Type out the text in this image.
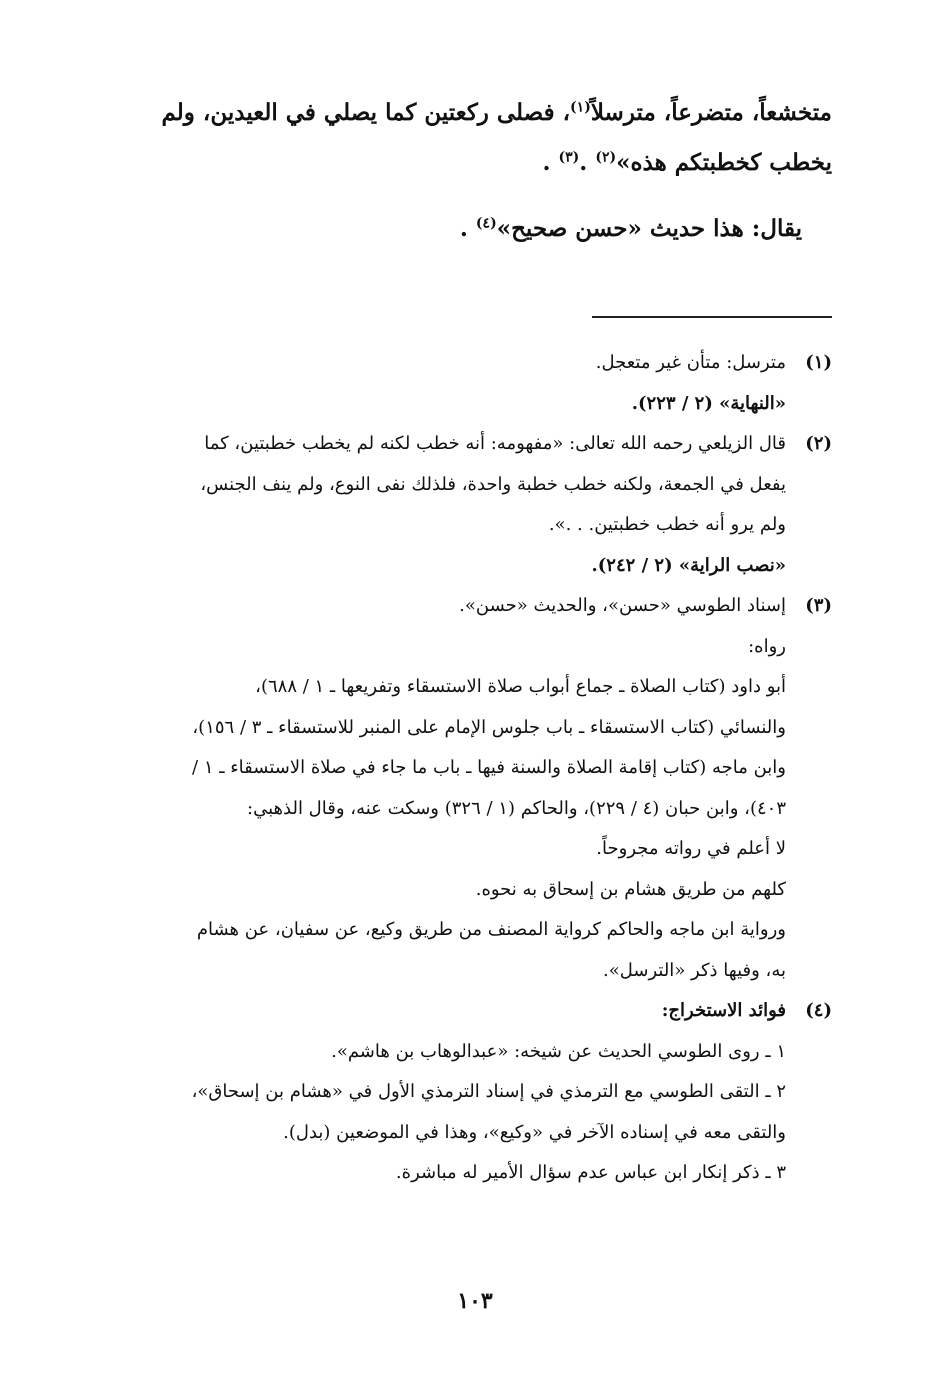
متخشعاً، متضرعاً، مترسلاً$^{(١)}$، فصلى ركعتين كما يصلي في العيدين، ولم

يخطب كخطبتكم هذه»$^{(٢)}$ .$^{(٣)}$ .

يقال: هذا حديث «حسن صحيح»$^{(٤)}$ .
(١)
مترسل: متأن غير متعجل.
«النهاية» (٢ / ٢٢٣).
(٢)
قال الزيلعي رحمه الله تعالى: «مفهومه: أنه خطب لكنه لم يخطب خطبتين، كما
يفعل في الجمعة، ولكنه خطب خطبة واحدة، فلذلك نفى النوع، ولم ينف الجنس،
ولم يرو أنه خطب خطبتين. . .».
«نصب الراية» (٢ / ٢٤٢).
(٣)
إسناد الطوسي «حسن»، والحديث «حسن».
رواه:
أبو داود (كتاب الصلاة ـ جماع أبواب صلاة الاستسقاء وتفريعها ـ ١ / ٦٨٨)،
والنسائي (كتاب الاستسقاء ـ باب جلوس الإمام على المنبر للاستسقاء ـ ٣ / ١٥٦)،
وابن ماجه (كتاب إقامة الصلاة والسنة فيها ـ باب ما جاء في صلاة الاستسقاء ـ ١ /
٤٠٣)، وابن حبان (٤ / ٢٢٩)، والحاكم (١ / ٣٢٦) وسكت عنه، وقال الذهبي:
لا أعلم في رواته مجروحاً.
كلهم من طريق هشام بن إسحاق به نحوه.
ورواية ابن ماجه والحاكم كرواية المصنف من طريق وكيع، عن سفيان، عن هشام
به، وفيها ذكر «الترسل».
(٤)
فوائد الاستخراج:
١ ـ روى الطوسي الحديث عن شيخه: «عبدالوهاب بن هاشم».
٢ ـ التقى الطوسي مع الترمذي في إسناد الترمذي الأول في «هشام بن إسحاق»،
والتقى معه في إسناده الآخر في «وكيع»، وهذا في الموضعين (بدل).
٣ ـ ذكر إنكار ابن عباس عدم سؤال الأمير له مباشرة.
١٠٣
